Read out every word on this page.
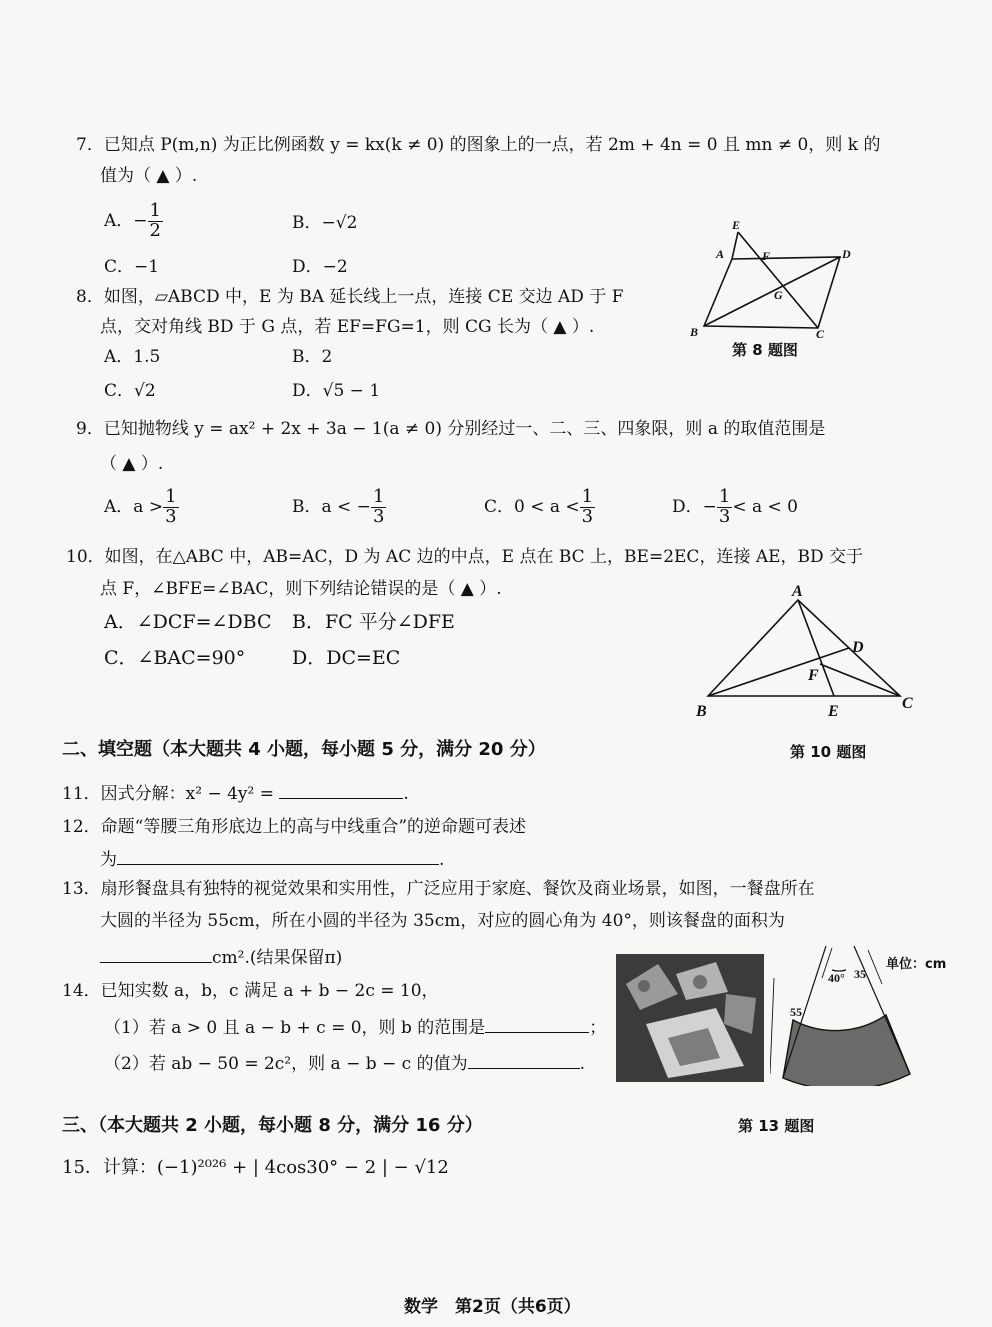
7．已知点 P(m,n) 为正比例函数 y = kx(k ≠ 0) 的图象上的一点，若 2m + 4n = 0 且 mn ≠ 0，则 k 的
值为（ ▲ ）.
A．− $\frac{1}{2}$	B．−√2
C．−1	D．−2
8．如图，▱ABCD 中，E 为 BA 延长线上一点，连接 CE 交边 AD 于 F
点，交对角线 BD 于 G 点，若 EF=FG=1，则 CG 长为（ ▲ ）.
A．1.5	B．2
C．√2	D．√5 − 1
E
A	F	D
G
B	C
第 8 题图
9．已知抛物线 y = ax² + 2x + 3a − 1(a ≠ 0) 分别经过一、二、三、四象限，则 a 的取值范围是
（ ▲ ）.
A．$a > \frac{1}{3}$	B．a < − $\frac{1}{3}$	C．$0 < a < \frac{1}{3}$	D．− $\frac{1}{3} < a < 0$
10．如图，在△ABC 中，AB=AC，D 为 AC 边的中点，E 点在 BC 上，BE=2EC，连接 AE，BD 交于
点 F，∠BFE=∠BAC，则下列结论错误的是（ ▲ ）.
A．∠DCF=∠DBC B．FC 平分∠DFE
C．∠BAC=90° D．DC=EC
A
D
F
B	E	C
二、填空题（本大题共 4 小题，每小题 5 分，满分 20 分）	第 10 题图
11．因式分解：x² − 4y² =	.
12．命题“等腰三角形底边上的高与中线重合”的逆命题可表述
为	.
13．扇形餐盘具有独特的视觉效果和实用性，广泛应用于家庭、餐饮及商业场景，如图，一餐盘所在
大圆的半径为 55cm，所在小圆的半径为 35cm，对应的圆心角为 40°，则该餐盘的面积为
cm².(结果保留π)
40° 35
55
单位：cm
14．已知实数 a，b，c 满足 a + b − 2c = 10，
（1）若 a > 0 且 a − b + c = 0，则 b 的范围是	；
（2）若 ab − 50 = 2c²，则 a − b − c 的值为	.
三、（本大题共 2 小题，每小题 8 分，满分 16 分）	第 13 题图
15．计算：(−1)²⁰²⁶ + | 4cos30° − 2 | − √12
数学　第2页（共6页）
